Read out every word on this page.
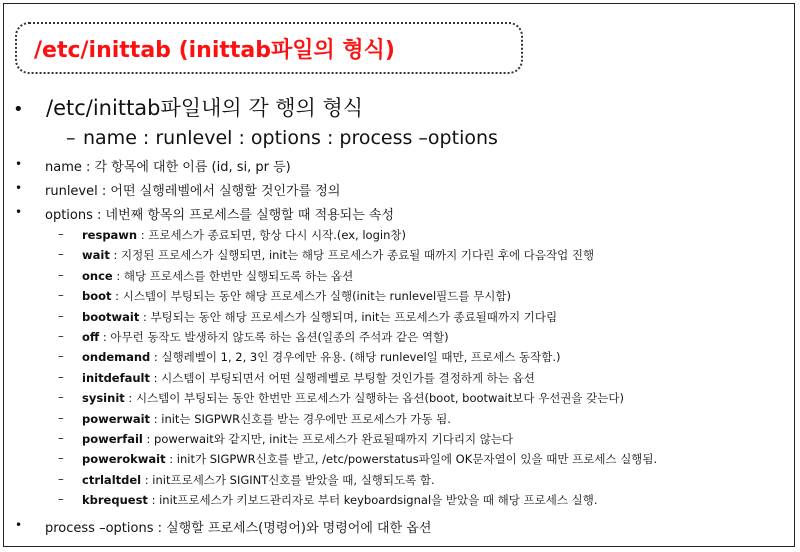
/etc/inittab (inittab파일의 형식)
• /etc/inittab파일내의 각 행의 형식
– name : runlevel : options : process –options
• name : 각 항목에 대한 이름 (id, si, pr 등)
• runlevel : 어떤 실행레벨에서 실행할 것인가를 정의
• options : 네번째 항목의 프로세스를 실행할 때 적용되는 속성
– respawn : 프로세스가 종료되면, 항상 다시 시작.(ex, login창)
– wait : 지정된 프로세스가 실행되면, init는 해당 프로세스가 종료될 때까지 기다린 후에 다음작업 진행
– once : 해당 프로세스를 한번만 실행되도록 하는 옵션
– boot : 시스템이 부팅되는 동안 해당 프로세스가 실행(init는 runlevel필드를 무시함)
– bootwait : 부팅되는 동안 해당 프로세스가 실행되며, init는 프로세스가 종료될때까지 기다림
– off : 아무런 동작도 발생하지 않도록 하는 옵션(일종의 주석과 같은 역할)
– ondemand : 실행레벨이 1, 2, 3인 경우에만 유용. (해당 runlevel일 때만, 프로세스 동작함.)
– initdefault : 시스템이 부팅되면서 어떤 실행레벨로 부팅할 것인가를 결정하게 하는 옵션
– sysinit : 시스템이 부팅되는 동안 한번만 프로세스가 실행하는 옵션(boot, bootwait보다 우선권을 갖는다)
– powerwait : init는 SIGPWR신호를 받는 경우에만 프로세스가 가동 됨.
– powerfail : powerwait와 같지만, init는 프로세스가 완료될때까지 기다리지 않는다
– powerokwait : init가 SIGPWR신호를 받고, /etc/powerstatus파일에 OK문자열이 있을 때만 프로세스 실행됨.
– ctrlaltdel : init프로세스가 SIGINT신호를 받았을 때, 실행되도록 함.
– kbrequest : init프로세스가 키보드관리자로 부터 keyboardsignal을 받았을 때 해당 프로세스 실행.
• process –options : 실행할 프로세스(명령어)와 명령어에 대한 옵션
